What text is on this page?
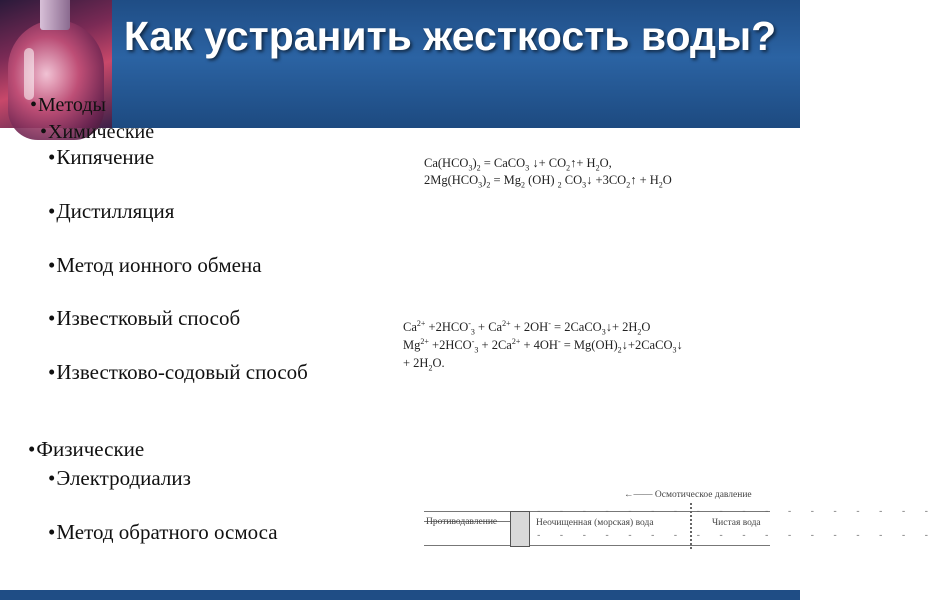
Как устранить жесткость воды?
•Методы
•Химические
•Кипячение
•Дистилляция
•Метод ионного обмена
•Известковый способ
•Известково-содовый способ
•Физические
•Электродиализ
•Метод обратного осмоса
$Ca(HCO_3)_2$ = CaCO$_3$ ↓+ $CO_2↑+ H_2O$,
$2Mg(HCO_3)_2 = Mg_2$ (OH) $_2$ $CO_3↓$ $+3CO_2↑ + H_2O$
$Ca^{2+} +2HCO^-_3 + Ca^{2+} + 2OH^-$ = 2CaCO$_3$↓+ $2H_2O$
$Mg^{2+} +2HCO^-_3 + 2Ca^{2+} + 4OH^-$ = $Mg(OH)_2↓+2CaCO_3↓$
+ $2H_2O$.
←—— Осмотическое давление
Противодавление	Неочищенная (морская) вода	Чистая вода
- - - - - - - - - - - - - - - - - -
- - - - - - - - - - - - - - - - - -
